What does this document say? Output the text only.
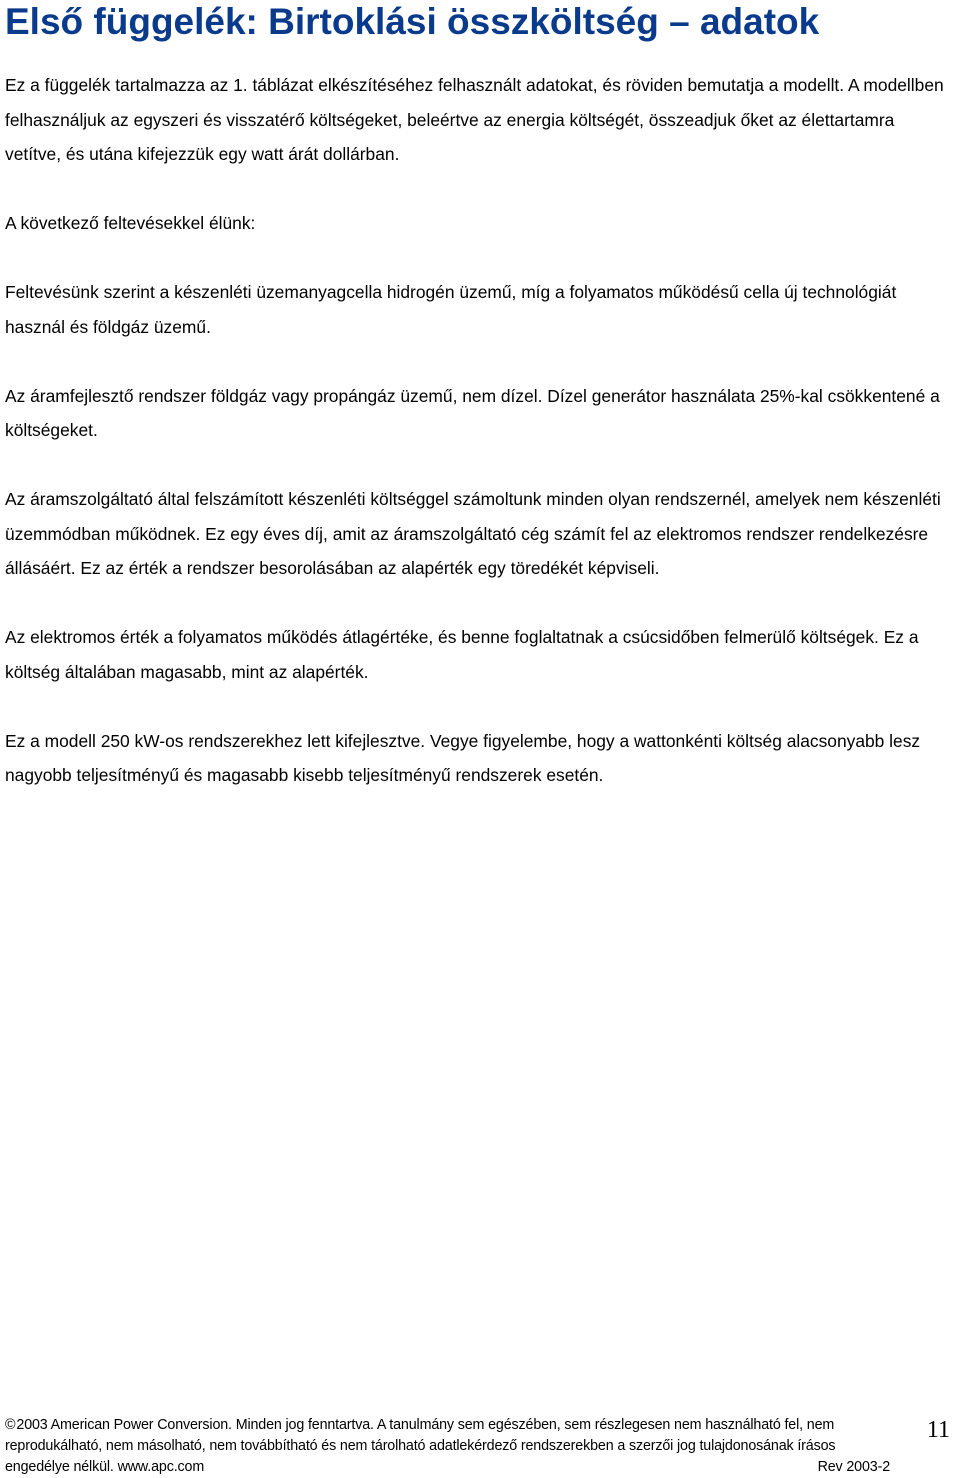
Első függelék: Birtoklási összköltség – adatok

Ez a függelék tartalmazza az 1. táblázat elkészítéséhez felhasznált adatokat, és röviden bemutatja a modellt. A modellben felhasználjuk az egyszeri és visszatérő költségeket, beleértve az energia költségét, összeadjuk őket az élettartamra vetítve, és utána kifejezzük egy watt árát dollárban.

A következő feltevésekkel élünk:

Feltevésünk szerint a készenléti üzemanyagcella hidrogén üzemű, míg a folyamatos működésű cella új technológiát használ és földgáz üzemű.

Az áramfejlesztő rendszer földgáz vagy propángáz üzemű, nem dízel. Dízel generátor használata 25%-kal csökkentené a költségeket.

Az áramszolgáltató által felszámított készenléti költséggel számoltunk minden olyan rendszernél, amelyek nem készenléti üzemmódban működnek. Ez egy éves díj, amit az áramszolgáltató cég számít fel az elektromos rendszer rendelkezésre állásáért. Ez az érték a rendszer besorolásában az alapérték egy töredékét képviseli.

Az elektromos érték a folyamatos működés átlagértéke, és benne foglaltatnak a csúcsidőben felmerülő költségek. Ez a költség általában magasabb, mint az alapérték.

Ez a modell 250 kW-os rendszerekhez lett kifejlesztve. Vegye figyelembe, hogy a wattonkénti költség alacsonyabb lesz nagyobb teljesítményű és magasabb kisebb teljesítményű rendszerek esetén.

©2003 American Power Conversion. Minden jog fenntartva. A tanulmány sem egészében, sem részlegesen nem használható fel, nem
reprodukálható, nem másolható, nem továbbítható és nem tárolható adatlekérdező rendszerekben a szerzői jog tulajdonosának írásos
engedélye nélkül. www.apc.com	Rev 2003-2
11
